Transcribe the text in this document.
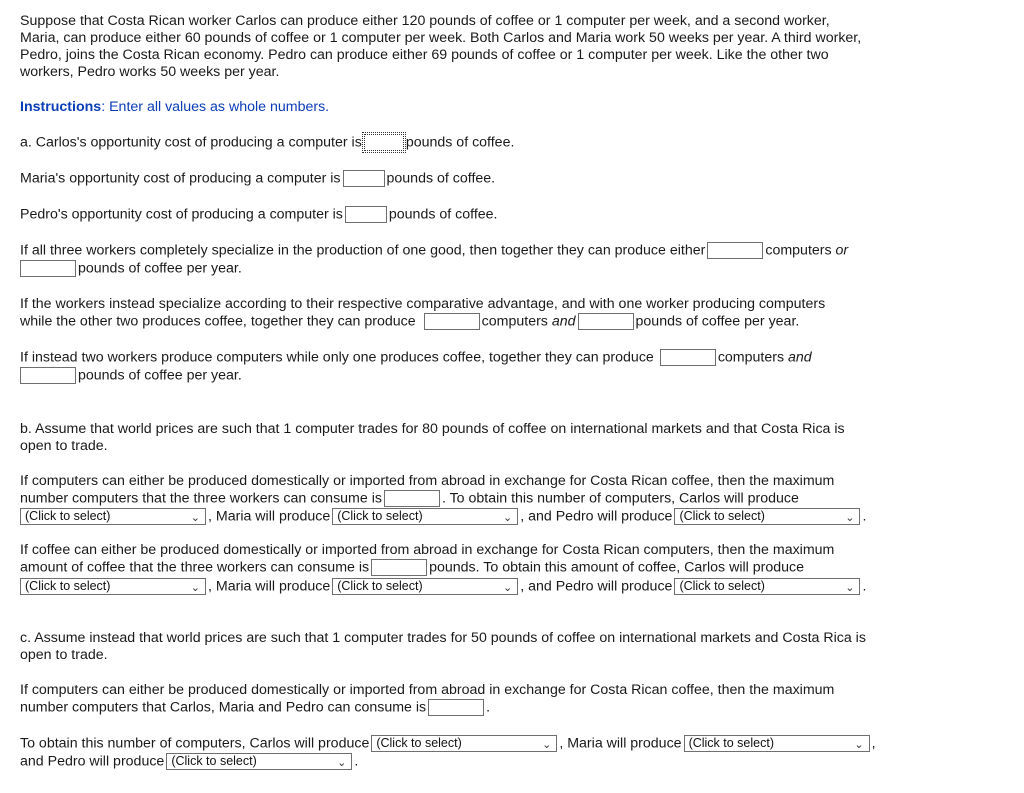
Suppose that Costa Rican worker Carlos can produce either 120 pounds of coffee or 1 computer per week, and a second worker,
Maria, can produce either 60 pounds of coffee or 1 computer per week. Both Carlos and Maria work 50 weeks per year. A third worker,
Pedro, joins the Costa Rican economy. Pedro can produce either 69 pounds of coffee or 1 computer per week. Like the other two
workers, Pedro works 50 weeks per year.
Instructions: Enter all values as whole numbers.
a. Carlos's opportunity cost of producing a computer is	pounds of coffee.
Maria's opportunity cost of producing a computer is	pounds of coffee.
Pedro's opportunity cost of producing a computer is	pounds of coffee.
If all three workers completely specialize in the production of one good, then together they can produce either	computers or
pounds of coffee per year.
If the workers instead specialize according to their respective comparative advantage, and with one worker producing computers
while the other two produces coffee, together they can produce	computers and	pounds of coffee per year.
If instead two workers produce computers while only one produces coffee, together they can produce	computers and
pounds of coffee per year.
b. Assume that world prices are such that 1 computer trades for 80 pounds of coffee on international markets and that Costa Rica is
open to trade.
If computers can either be produced domestically or imported from abroad in exchange for Costa Rican coffee, then the maximum
number computers that the three workers can consume is	. To obtain this number of computers, Carlos will produce
(Click to select)	⌄ , Maria will produce (Click to select)	⌄ , and Pedro will produce (Click to select)	⌄ .
If coffee can either be produced domestically or imported from abroad in exchange for Costa Rican computers, then the maximum
amount of coffee that the three workers can consume is	pounds. To obtain this amount of coffee, Carlos will produce
(Click to select)	⌄ , Maria will produce (Click to select)	⌄ , and Pedro will produce (Click to select)	⌄ .
c. Assume instead that world prices are such that 1 computer trades for 50 pounds of coffee on international markets and Costa Rica is
open to trade.
If computers can either be produced domestically or imported from abroad in exchange for Costa Rican coffee, then the maximum
number computers that Carlos, Maria and Pedro can consume is	.
To obtain this number of computers, Carlos will produce (Click to select)	⌄ , Maria will produce (Click to select)	⌄ ,
and Pedro will produce (Click to select)	⌄ .
